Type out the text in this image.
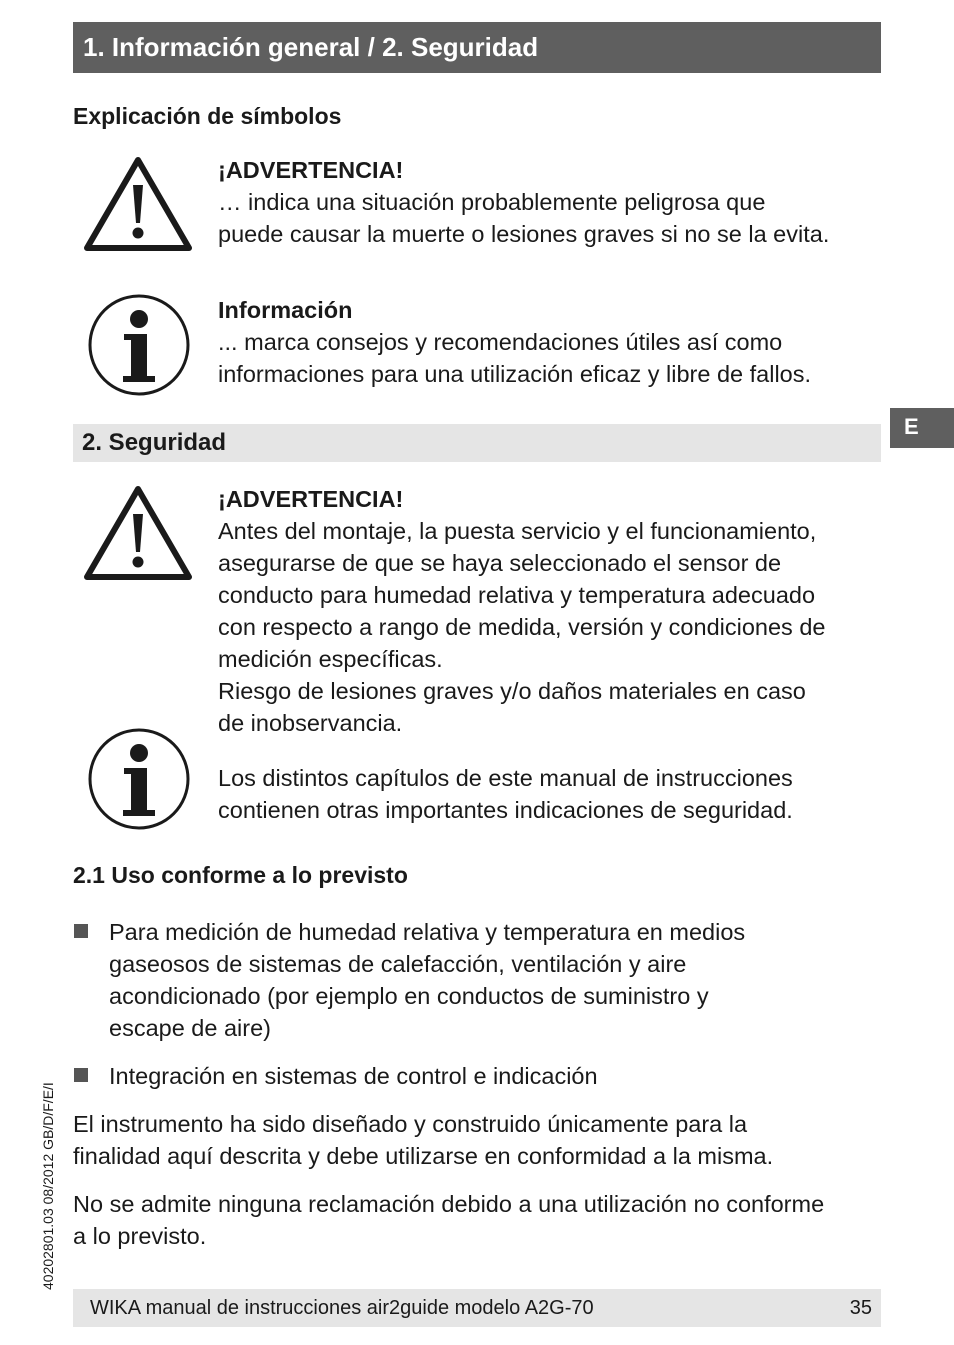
1. Información general / 2. Seguridad
Explicación de símbolos
¡ADVERTENCIA!
… indica una situación probablemente peligrosa que
puede causar la muerte o lesiones graves si no se la evita.
Información
... marca consejos y recomendaciones útiles así como
informaciones para una utilización eficaz y libre de fallos.
E
2. Seguridad
¡ADVERTENCIA!
Antes del montaje, la puesta servicio y el funcionamiento,
asegurarse de que se haya seleccionado el sensor de
conducto para humedad relativa y temperatura adecuado
con respecto a rango de medida, versión y condiciones de
medición específicas.
Riesgo de lesiones graves y/o daños materiales en caso
de inobservancia.
Los distintos capítulos de este manual de instrucciones
contienen otras importantes indicaciones de seguridad.
2.1 Uso conforme a lo previsto
Para medición de humedad relativa y temperatura en medios
gaseosos de sistemas de calefacción, ventilación y aire
acondicionado (por ejemplo en conductos de suministro y
escape de aire)
Integración en sistemas de control e indicación
El instrumento ha sido diseñado y construido únicamente para la
finalidad aquí descrita y debe utilizarse en conformidad a la misma.
No se admite ninguna reclamación debido a una utilización no conforme
a lo previsto.
40202801.03 08/2012 GB/D/F/E/I
WIKA manual de instrucciones air2guide modelo A2G-70	35
